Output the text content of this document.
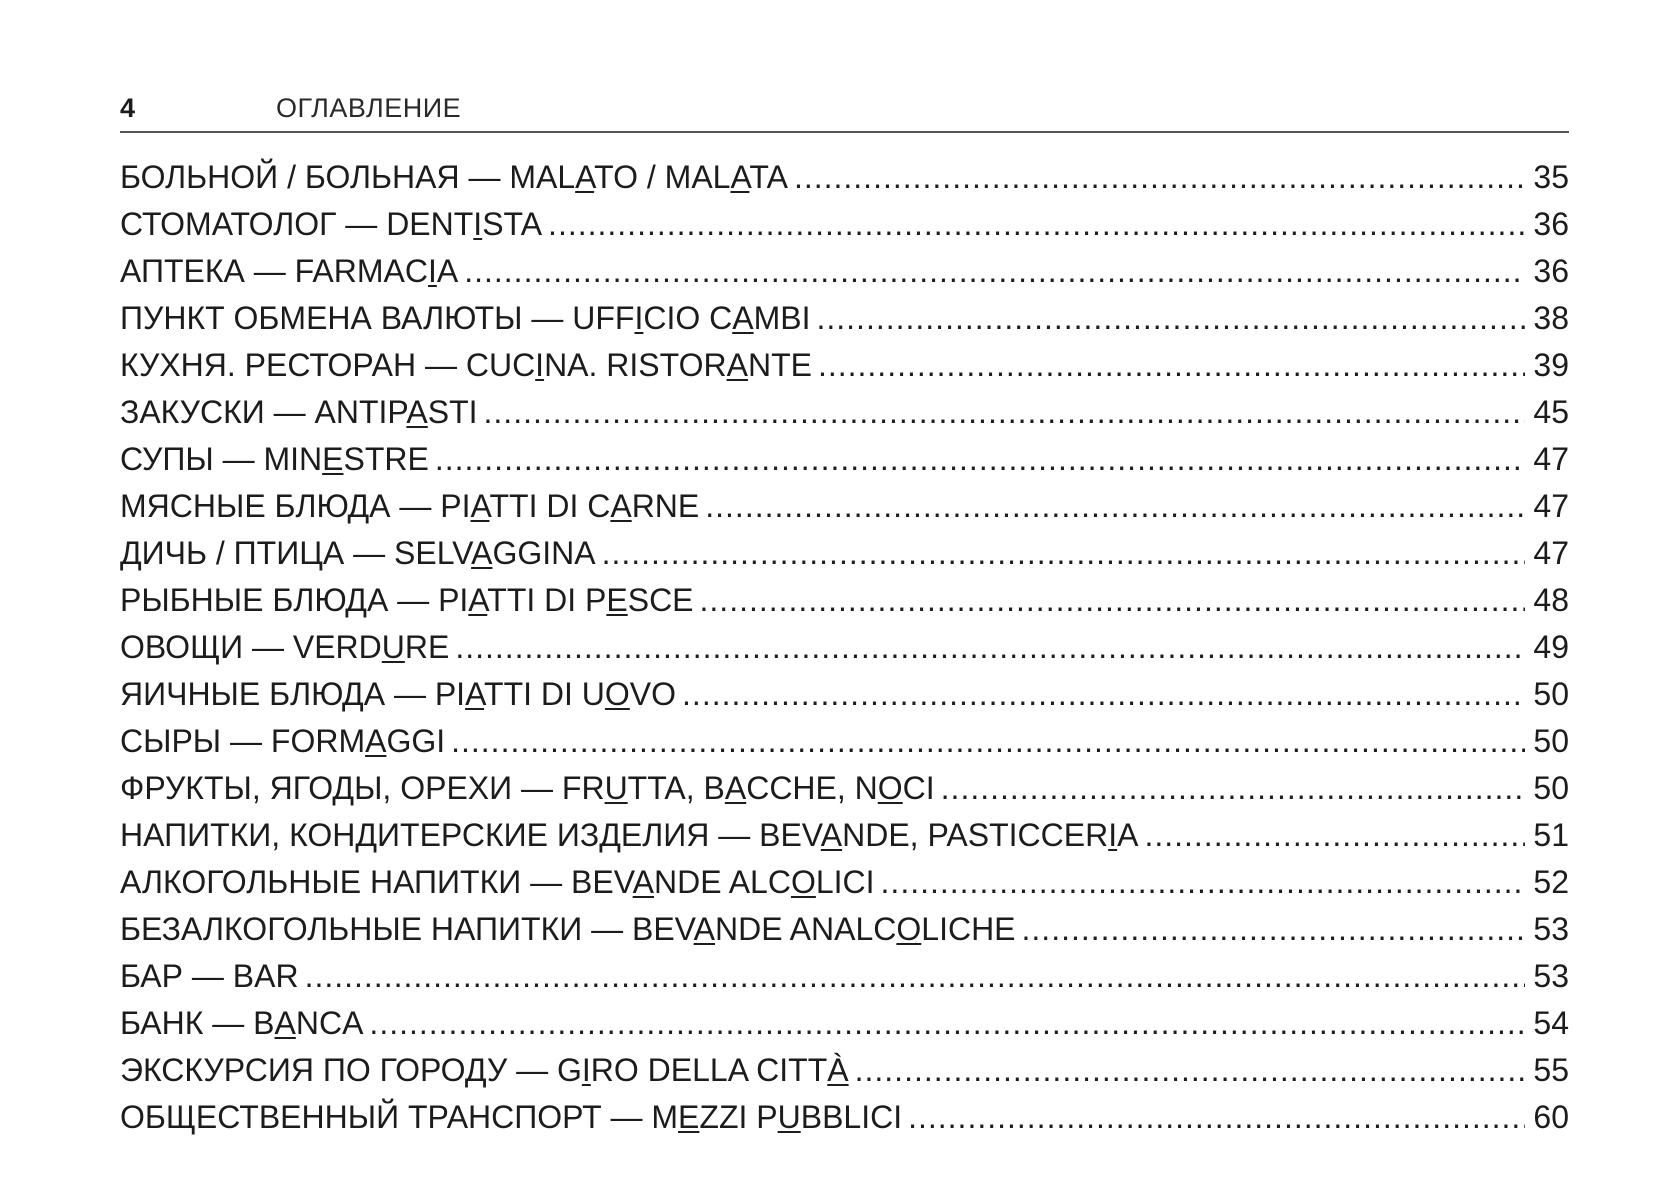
4	ОГЛАВЛЕНИЕ
БОЛЬНОЙ / БОЛЬНАЯ — MALATO / MALATA .....	35
СТОМАТОЛОГ — DENTISTA .....	36
АПТЕКА — FARMACIA .....	36
ПУНКТ ОБМЕНА ВАЛЮТЫ — UFFICIO CAMBI .....	38
КУХНЯ. РЕСТОРАН — CUCINA. RISTORANTE .....	39
ЗАКУСКИ — ANTIPASTI .....	45
СУПЫ — MINESTRE .....	47
МЯСНЫЕ БЛЮДА — PIATTI DI CARNE .....	47
ДИЧЬ / ПТИЦА — SELVAGGINA .....	47
РЫБНЫЕ БЛЮДА — PIATTI DI PESCE .....	48
ОВОЩИ — VERDURE .....	49
ЯИЧНЫЕ БЛЮДА — PIATTI DI UOVO .....	50
СЫРЫ — FORMAGGI .....	50
ФРУКТЫ, ЯГОДЫ, ОРЕХИ — FRUTTA, BACCHE, NOCI .....	50
НАПИТКИ, КОНДИТЕРСКИЕ ИЗДЕЛИЯ — BEVANDE, PASTICCERIA .....	51
АЛКОГОЛЬНЫЕ НАПИТКИ — BEVANDE ALCOLICI .....	52
БЕЗАЛКОГОЛЬНЫЕ НАПИТКИ — BEVANDE ANALCOLICHE .....	53
БАР — BAR .....	53
БАНК — BANCA .....	54
ЭКСКУРСИЯ ПО ГОРОДУ — GIRO DELLA CITTÀ .....	55
ОБЩЕСТВЕННЫЙ ТРАНСПОРТ — MEZZI PUBBLICI .....	60
